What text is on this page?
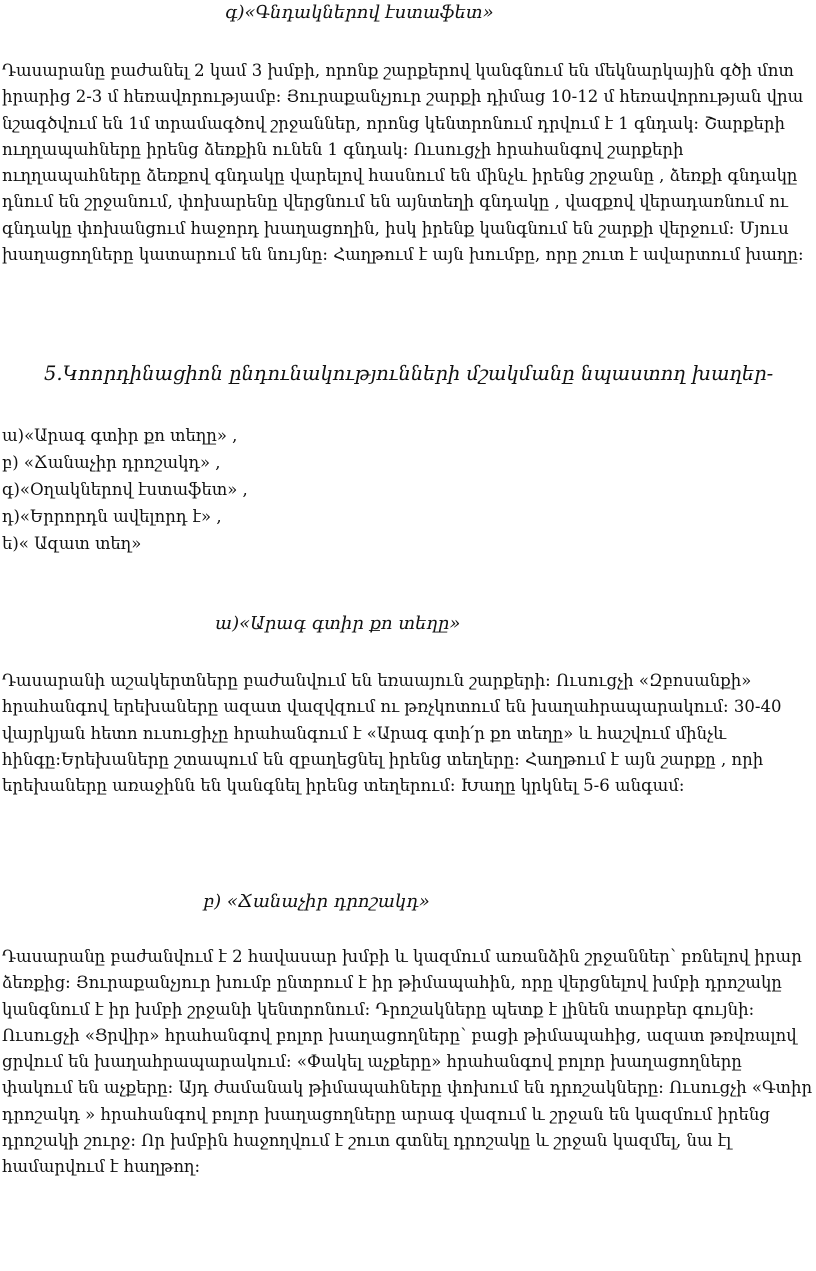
գ)«Գնդակներով էստաֆետ»

Դասարանը բաժանել 2 կամ 3 խմբի, որոնք շարքերով կանգնում են մեկնարկային գծի մոտ իրարից 2-3 մ հեռավորությամբ։ Յուրաքանչյուր շարքի դիմաց 10-12 մ հեռավորության վրա նշագծվում են 1մ տրամագծով շրջաններ, որոնց կենտրոնում դրվում է 1 գնդակ։ Շարքերի ուղղապահները իրենց ձեռքին ունեն 1 գնդակ։ Ուսուցչի հրահանգով շարքերի ուղղապահները ձեռքով գնդակը վարելով հասնում են մինչև իրենց շրջանը , ձեռքի գնդակը դնում են շրջանում, փոխարենը վերցնում են այնտեղի գնդակը , վազքով վերադառնում ու գնդակը փոխանցում հաջորդ խաղացողին, իսկ իրենք կանգնում են շարքի վերջում։ Մյուս խաղացողները կատարում են նույնը։ Հաղթում է այն խումբը, որը շուտ է ավարտում խաղը։

5.Կոորդինացիոն ընդունակությունների մշակմանը նպաստող խաղեր-
ա)«Արագ գտիր քո տեղը» ,
բ) «Ճանաչիր դրոշակդ» ,
գ)«Օղակներով էստաֆետ» ,
դ)«Երրորդն ավելորդ է» ,
ե)« Ազատ տեղ»
ա)«Արագ գտիր քո տեղը»

Դասարանի աշակերտները բաժանվում են եռաայուն շարքերի։ Ուսուցչի «Զբոսանքի» հրահանգով երեխաները ազատ վազվզում ու թռչկոտում են խաղահրապարակում։ 30-40 վայրկյան հետո ուսուցիչը հրահանգում է «Արագ գտի՛ր քո տեղը» և հաշվում մինչև հինգը։Երեխաները շտապում են զբաղեցնել իրենց տեղերը։ Հաղթում է այն շարքը , որի երեխաները առաջինն են կանգնել իրենց տեղերում։ Խաղը կրկնել 5-6 անգամ։

բ) «Ճանաչիր դրոշակդ»

Դասարանը բաժանվում է 2 հավասար խմբի և կազմում առանձին շրջաններ՝ բռնելով իրար ձեռքից։ Յուրաքանչյուր խումբ ընտրում է իր թիմապահին, որը վերցնելով խմբի դրոշակը կանգնում է իր խմբի շրջանի կենտրոնում։ Դրոշակները պետք է լինեն տարբեր գույնի։ Ուսուցչի «Ցրվիր» հրահանգով բոլոր խաղացողները՝ բացի թիմապահից, ազատ թռվռալով ցրվում են խաղահրապարակում։ «Փակել աչքերը» հրահանգով բոլոր խաղացողները փակում են աչքերը։ Այդ ժամանակ թիմապահները փոխում են դրոշակները։ Ուսուցչի «Գտիր դրոշակդ » հրահանգով բոլոր խաղացողները արագ վազում և շրջան են կազմում իրենց դրոշակի շուրջ։ Որ խմբին հաջողվում է շուտ գտնել դրոշակը և շրջան կազմել, նա էլ համարվում է հաղթող։
